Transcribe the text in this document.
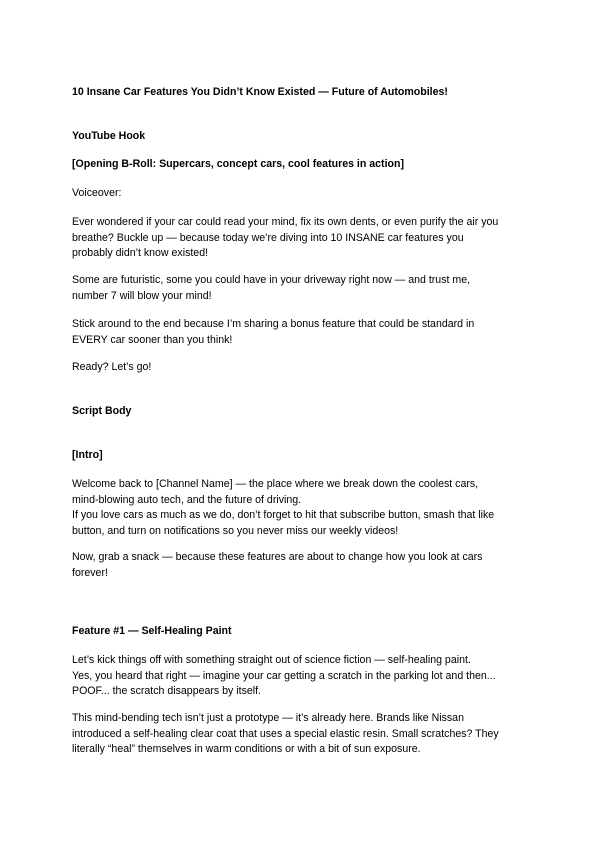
10 Insane Car Features You Didn’t Know Existed — Future of Automobiles!

YouTube Hook

[Opening B-Roll: Supercars, concept cars, cool features in action]

Voiceover:

Ever wondered if your car could read your mind, fix its own dents, or even purify the air you
breathe? Buckle up — because today we’re diving into 10 INSANE car features you
probably didn’t know existed!
Some are futuristic, some you could have in your driveway right now — and trust me,
number 7 will blow your mind!
Stick around to the end because I’m sharing a bonus feature that could be standard in
EVERY car sooner than you think!

Ready? Let’s go!

Script Body

[Intro]

Welcome back to [Channel Name] — the place where we break down the coolest cars,
mind-blowing auto tech, and the future of driving.
If you love cars as much as we do, don’t forget to hit that subscribe button, smash that like
button, and turn on notifications so you never miss our weekly videos!
Now, grab a snack — because these features are about to change how you look at cars
forever!

Feature #1 — Self-Healing Paint

Let’s kick things off with something straight out of science fiction — self-healing paint.
Yes, you heard that right — imagine your car getting a scratch in the parking lot and then...
POOF... the scratch disappears by itself.
This mind-bending tech isn’t just a prototype — it’s already here. Brands like Nissan
introduced a self-healing clear coat that uses a special elastic resin. Small scratches? They
literally “heal” themselves in warm conditions or with a bit of sun exposure.
